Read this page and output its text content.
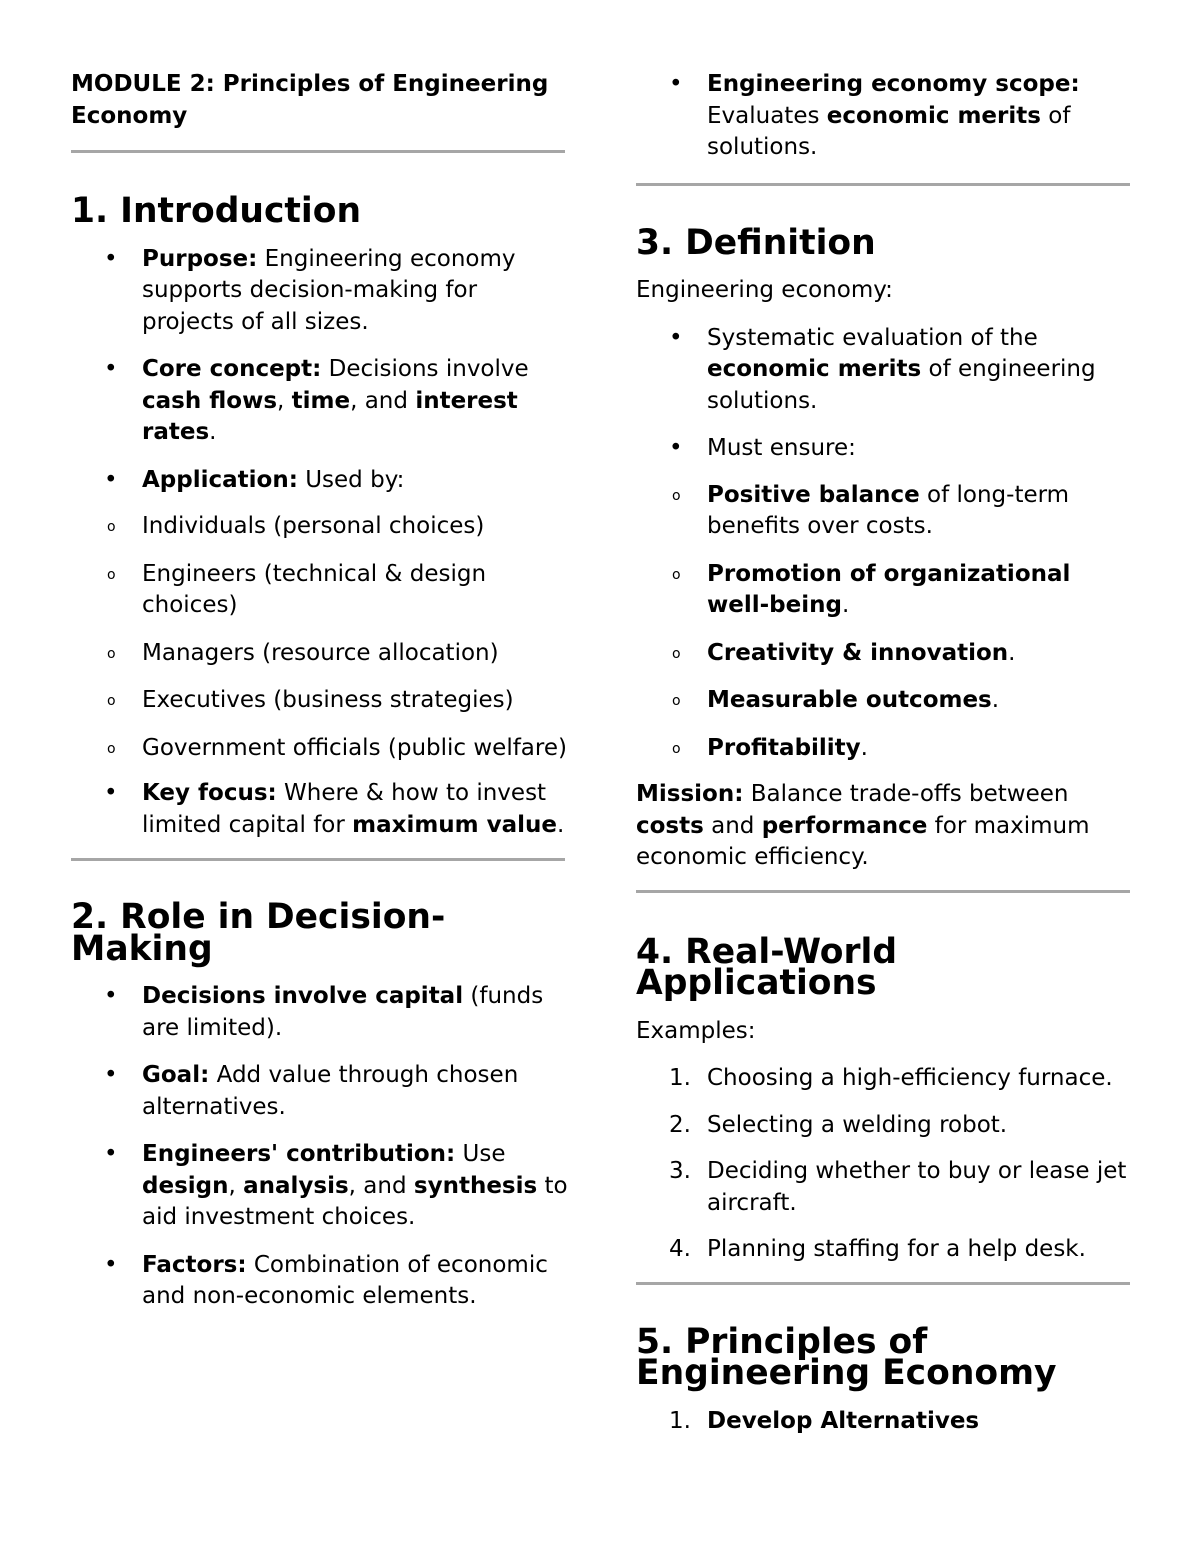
MODULE 2: Principles of Engineering Economy
1. Introduction
• Purpose: Engineering economy supports decision-making for projects of all sizes.
• Core concept: Decisions involve cash flows, time, and interest rates.
• Application: Used by:
o Individuals (personal choices)
o Engineers (technical & design choices)
o Managers (resource allocation)
o Executives (business strategies)
o Government officials (public welfare)
• Key focus: Where & how to invest limited capital for maximum value.
2. Role in Decision-Making
• Decisions involve capital (funds are limited).
• Goal: Add value through chosen alternatives.
• Engineers' contribution: Use design, analysis, and synthesis to aid investment choices.
• Factors: Combination of economic and non-economic elements.
• Engineering economy scope: Evaluates economic merits of solutions.
3. Definition

Engineering economy:

• Systematic evaluation of the economic merits of engineering solutions.
• Must ensure:
o Positive balance of long-term benefits over costs.
o Promotion of organizational well-being.
o Creativity & innovation.
o Measurable outcomes.
o Profitability.

Mission: Balance trade-offs between costs and performance for maximum economic efficiency.

4. Real-World Applications

Examples:

1. Choosing a high-efficiency furnace.
2. Selecting a welding robot.
3. Deciding whether to buy or lease jet aircraft.
4. Planning staffing for a help desk.
5. Principles of Engineering Economy
1. Develop Alternatives
